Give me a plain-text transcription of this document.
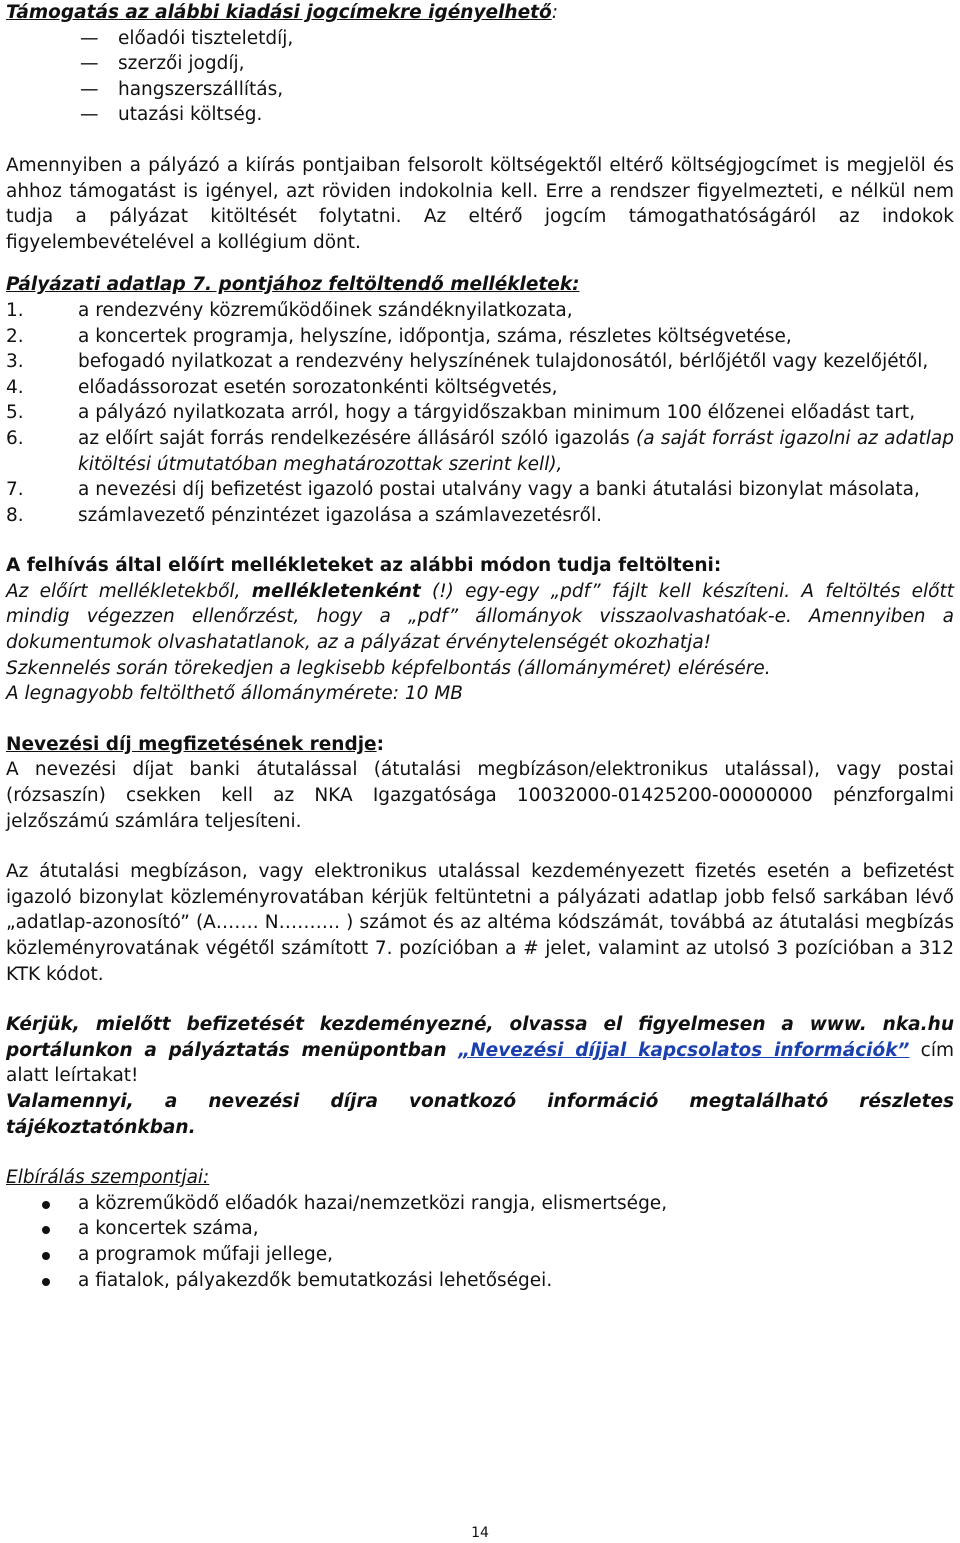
Támogatás az alábbi kiadási jogcímekre igényelhető:

— előadói tiszteletdíj,
— szerzői jogdíj,
— hangszerszállítás,
— utazási költség.

Amennyiben a pályázó a kiírás pontjaiban felsorolt költségektől eltérő költségjogcímet is megjelöl és ahhoz támogatást is igényel, azt röviden indokolnia kell. Erre a rendszer figyelmezteti, e nélkül nem tudja a pályázat kitöltését folytatni. Az eltérő jogcím támogathatóságáról az indokok figyelembevételével a kollégium dönt.

Pályázati adatlap 7. pontjához feltöltendő mellékletek:

1.	a rendezvény közreműködőinek szándéknyilatkozata,
2.	a koncertek programja, helyszíne, időpontja, száma, részletes költségvetése,
3.	befogadó nyilatkozat a rendezvény helyszínének tulajdonosától, bérlőjétől vagy kezelőjétől,
4.	előadássorozat esetén sorozatonkénti költségvetés,
5.	a pályázó nyilatkozata arról, hogy a tárgyidőszakban minimum 100 élőzenei előadást tart,
6.	az előírt saját forrás rendelkezésére állásáról szóló igazolás (a saját forrást igazolni az adatlap kitöltési útmutatóban meghatározottak szerint kell),
7.	a nevezési díj befizetést igazoló postai utalvány vagy a banki átutalási bizonylat másolata,
8.	számlavezető pénzintézet igazolása a számlavezetésről.

A felhívás által előírt mellékleteket az alábbi módon tudja feltölteni:

Az előírt mellékletekből, mellékletenként (!) egy-egy „pdf” fájlt kell készíteni. A feltöltés előtt mindig végezzen ellenőrzést, hogy a „pdf” állományok visszaolvashatóak-e. Amennyiben a dokumentumok olvashatatlanok, az a pályázat érvénytelenségét okozhatja!

Szkennelés során törekedjen a legkisebb képfelbontás (állományméret) elérésére.

A legnagyobb feltölthető állománymérete: 10 MB

Nevezési díj megfizetésének rendje:

A nevezési díjat banki átutalással (átutalási megbízáson/elektronikus utalással), vagy postai (rózsaszín) csekken kell az NKA Igazgatósága 10032000-01425200-00000000 pénzforgalmi jelzőszámú számlára teljesíteni.

Az átutalási megbízáson, vagy elektronikus utalással kezdeményezett fizetés esetén a befizetést igazoló bizonylat közleményrovatában kérjük feltüntetni a pályázati adatlap jobb felső sarkában lévő „adatlap-azonosító” (A……. N………. ) számot és az altéma kódszámát, továbbá az átutalási megbízás közleményrovatának végétől számított 7. pozícióban a # jelet, valamint az utolsó 3 pozícióban a 312 KTK kódot.

Kérjük, mielőtt befizetését kezdeményezné, olvassa el figyelmesen a www. nka.hu portálunkon a pályáztatás menüpontban „Nevezési díjjal kapcsolatos információk” cím alatt leírtakat!

Valamennyi, a nevezési díjra vonatkozó információ megtalálható részletes tájékoztatónkban.

Elbírálás szempontjai:

a közreműködő előadók hazai/nemzetközi rangja, elismertsége,
a koncertek száma,
a programok műfaji jellege,
a fiatalok, pályakezdők bemutatkozási lehetőségei.
14
